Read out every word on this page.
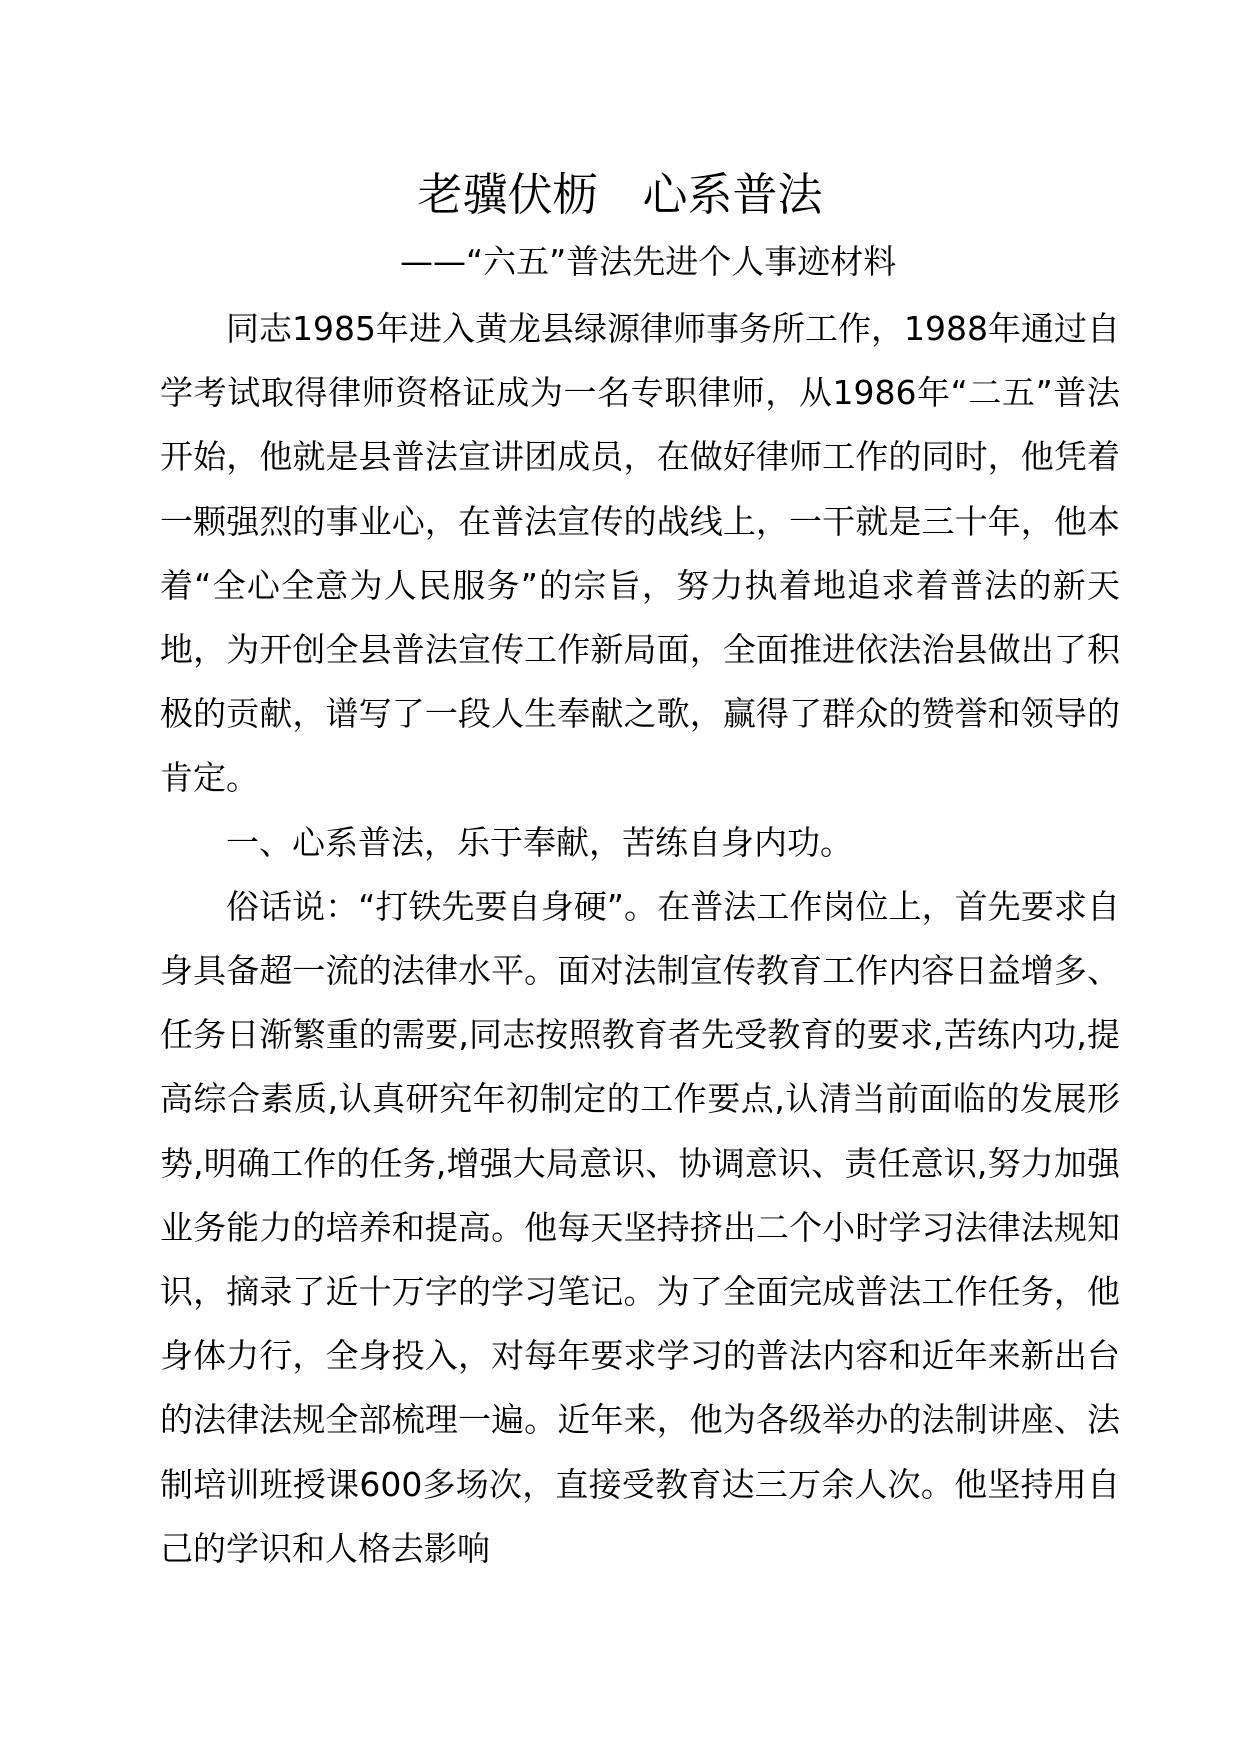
老骥伏枥　心系普法
——“六五”普法先进个人事迹材料

同志1985年进入黄龙县绿源律师事务所工作，1988年通过自学考试取得律师资格证成为一名专职律师，从1986年“二五”普法开始，他就是县普法宣讲团成员，在做好律师工作的同时，他凭着一颗强烈的事业心，在普法宣传的战线上，一干就是三十年，他本着“全心全意为人民服务”的宗旨，努力执着地追求着普法的新天地，为开创全县普法宣传工作新局面，全面推进依法治县做出了积极的贡献，谱写了一段人生奉献之歌，赢得了群众的赞誉和领导的肯定。

一、心系普法，乐于奉献，苦练自身内功。

俗话说：“打铁先要自身硬”。在普法工作岗位上，首先要求自身具备超一流的法律水平。面对法制宣传教育工作内容日益增多、任务日渐繁重的需要,同志按照教育者先受教育的要求,苦练内功,提高综合素质,认真研究年初制定的工作要点,认清当前面临的发展形势,明确工作的任务,增强大局意识、协调意识、责任意识,努力加强业务能力的培养和提高。他每天坚持挤出二个小时学习法律法规知识，摘录了近十万字的学习笔记。为了全面完成普法工作任务，他身体力行，全身投入，对每年要求学习的普法内容和近年来新出台的法律法规全部梳理一遍。近年来，他为各级举办的法制讲座、法制培训班授课600多场次，直接受教育达三万余人次。他坚持用自己的学识和人格去影响
